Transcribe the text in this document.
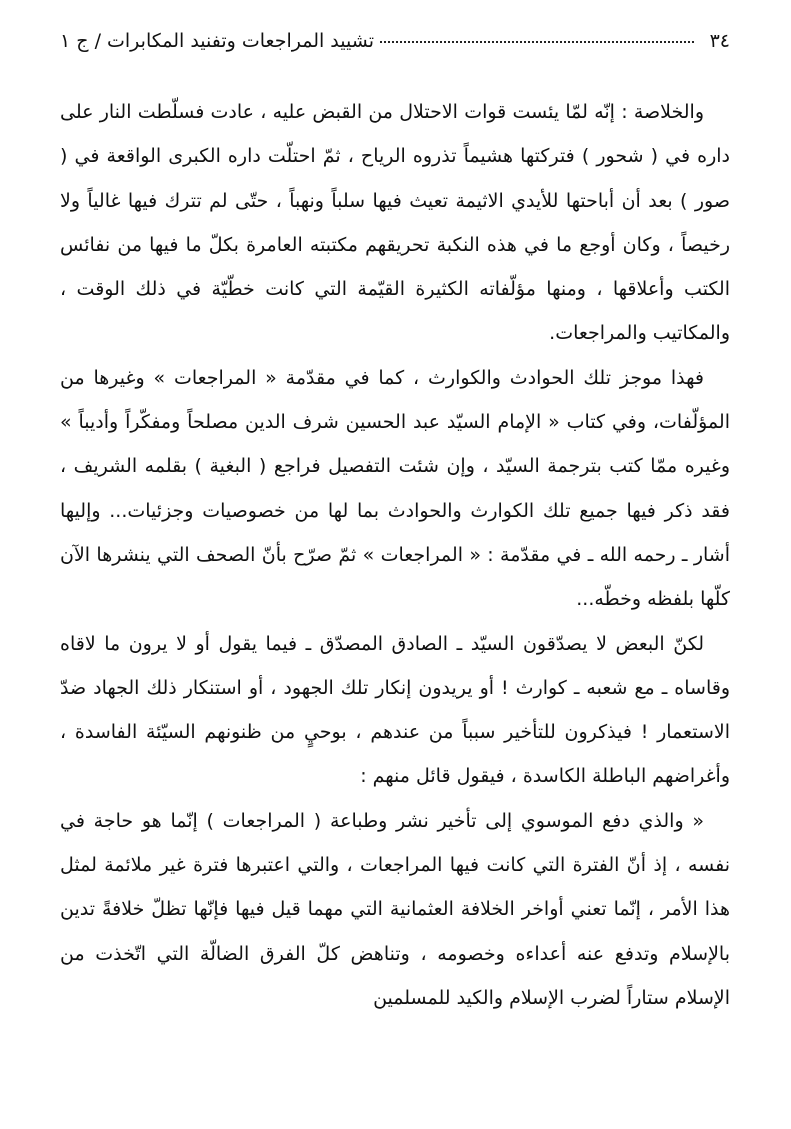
٣٤
تشييد المراجعات وتفنيد المكابرات / ج ١

والخلاصة : إنّه لمّا يئست قوات الاحتلال من القبض عليه ، عادت فسلّطت النار على داره في ( شحور ) فتركتها هشيماً تذروه الرياح ، ثمّ احتلّت داره الكبرى الواقعة في ( صور ) بعد أن أباحتها للأيدي الاثيمة تعيث فيها سلباً ونهباً ، حتّى لم تترك فيها غالياً ولا رخيصاً ، وكان أوجع ما في هذه النكبة تحريقهم مكتبته العامرة بكلّ ما فيها من نفائس الكتب وأعلاقها ، ومنها مؤلّفاته الكثيرة القيّمة التي كانت خطّيّة في ذلك الوقت ، والمكاتيب والمراجعات.

فهذا موجز تلك الحوادث والكوارث ، كما في مقدّمة « المراجعات » وغيرها من المؤلّفات، وفي كتاب « الإمام السيّد عبد الحسين شرف الدين مصلحاً ومفكّراً وأديباً » وغيره ممّا كتب بترجمة السيّد ، وإن شئت التفصيل فراجع ( البغية ) بقلمه الشريف ، فقد ذكر فيها جميع تلك الكوارث والحوادث بما لها من خصوصيات وجزئيات... وإليها أشار ـ رحمه الله ـ في مقدّمة : « المراجعات » ثمّ صرّح بأنّ الصحف التي ينشرها الآن كلّها بلفظه وخطّه...

لكنّ البعض لا يصدّقون السيّد ـ الصادق المصدّق ـ فيما يقول أو لا يرون ما لاقاه وقاساه ـ مع شعبه ـ كوارث ! أو يريدون إنكار تلك الجهود ، أو استنكار ذلك الجهاد ضدّ الاستعمار ! فيذكرون للتأخير سبباً من عندهم ، بوحيٍ من ظنونهم السيّئة الفاسدة ، وأغراضهم الباطلة الكاسدة ، فيقول قائل منهم :

« والذي دفع الموسوي إلى تأخير نشر وطباعة ( المراجعات ) إنّما هو حاجة في نفسه ، إذ أنّ الفترة التي كانت فيها المراجعات ، والتي اعتبرها فترة غير ملائمة لمثل هذا الأمر ، إنّما تعني أواخر الخلافة العثمانية التي مهما قيل فيها فإنّها تظلّ خلافةً تدين بالإسلام وتدفع عنه أعداءه وخصومه ، وتناهض كلّ الفرق الضالّة التي اتّخذت من الإسلام ستاراً لضرب الإسلام والكيد للمسلمين
